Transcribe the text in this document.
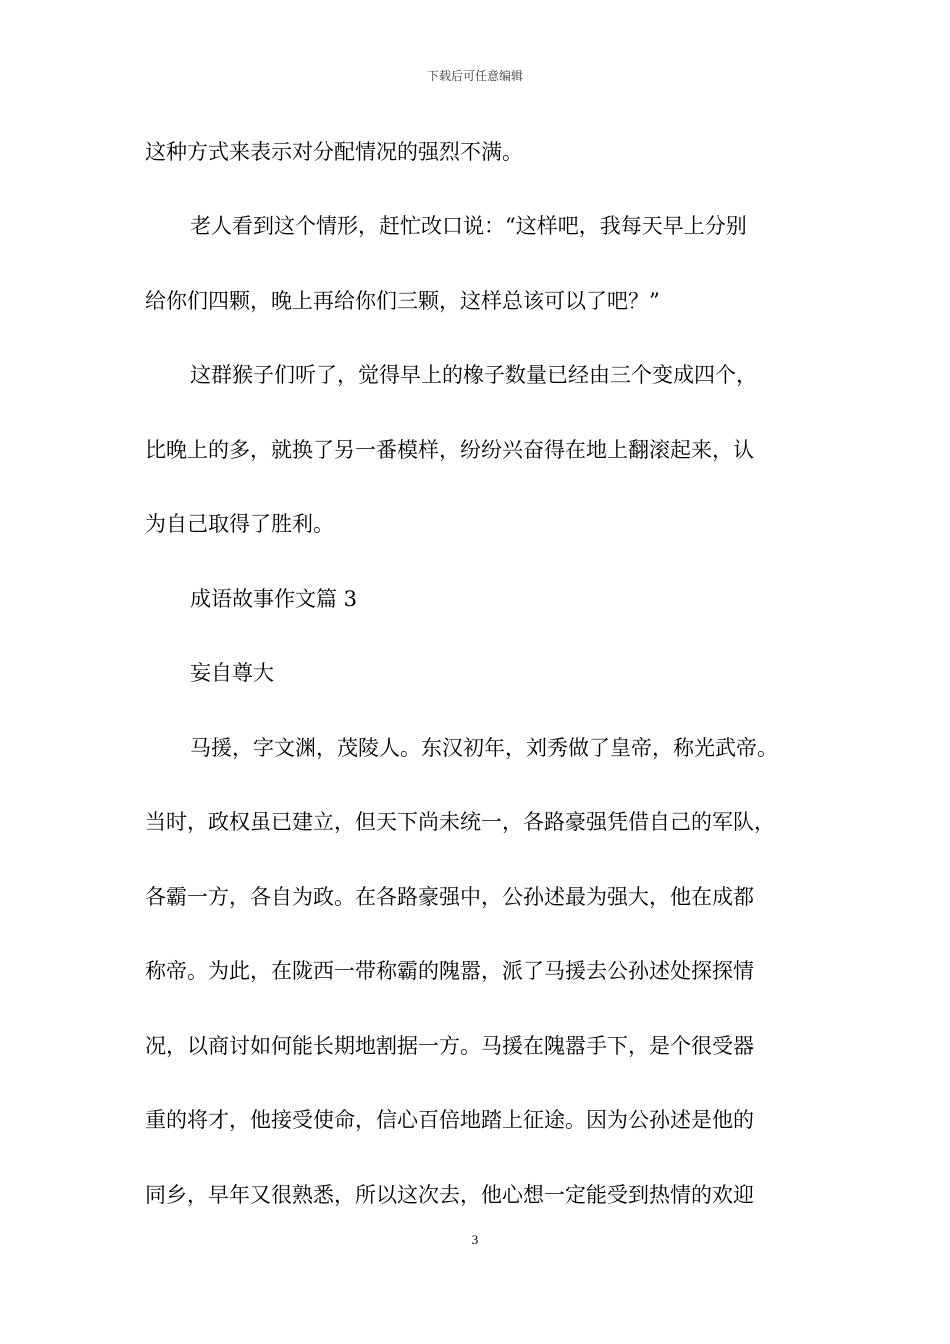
下载后可任意编辑
这种方式来表示对分配情况的强烈不满。
老人看到这个情形，赶忙改口说：“这样吧，我每天早上分别
给你们四颗，晚上再给你们三颗，这样总该可以了吧？”
这群猴子们听了，觉得早上的橡子数量已经由三个变成四个，
比晚上的多，就换了另一番模样，纷纷兴奋得在地上翻滚起来，认
为自己取得了胜利。
成语故事作文篇 3
妄自尊大
马援，字文渊，茂陵人。东汉初年，刘秀做了皇帝，称光武帝。
当时，政权虽已建立，但天下尚未统一，各路豪强凭借自己的军队，
各霸一方，各自为政。在各路豪强中，公孙述最为强大，他在成都
称帝。为此，在陇西一带称霸的隗嚣，派了马援去公孙述处探探情
况，以商讨如何能长期地割据一方。马援在隗嚣手下，是个很受器
重的将才，他接受使命，信心百倍地踏上征途。因为公孙述是他的
同乡，早年又很熟悉，所以这次去，他心想一定能受到热情的欢迎
3
